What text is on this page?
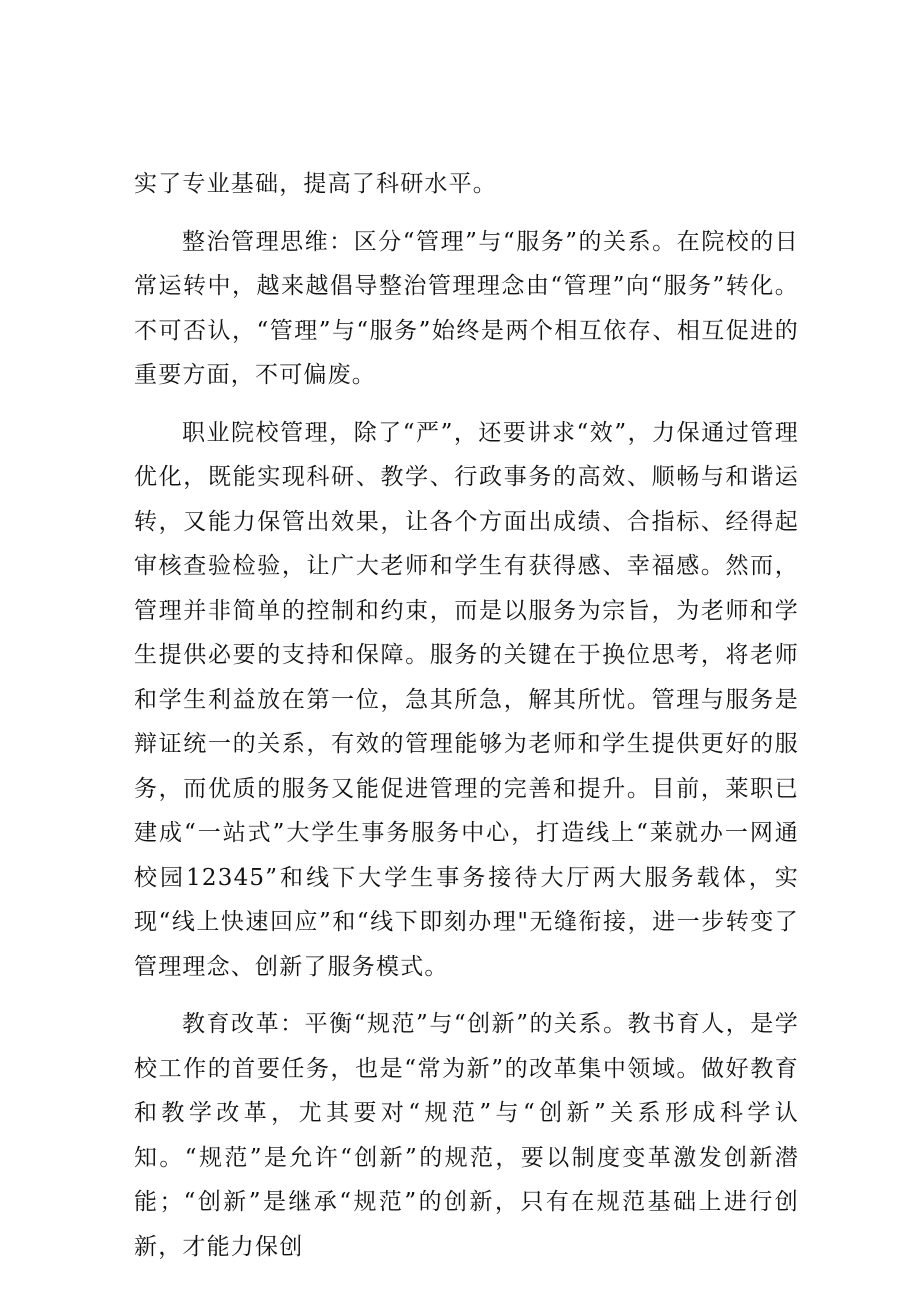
实了专业基础，提高了科研水平。

整治管理思维：区分“管理”与“服务”的关系。在院校的日常运转中，越来越倡导整治管理理念由“管理”向“服务”转化。不可否认，“管理”与“服务”始终是两个相互依存、相互促进的重要方面，不可偏废。

职业院校管理，除了“严”，还要讲求“效”，力保通过管理优化，既能实现科研、教学、行政事务的高效、顺畅与和谐运转，又能力保管出效果，让各个方面出成绩、合指标、经得起审核查验检验，让广大老师和学生有获得感、幸福感。然而，管理并非简单的控制和约束，而是以服务为宗旨，为老师和学生提供必要的支持和保障。服务的关键在于换位思考，将老师和学生利益放在第一位，急其所急，解其所忧。管理与服务是辩证统一的关系，有效的管理能够为老师和学生提供更好的服务，而优质的服务又能促进管理的完善和提升。目前，莱职已建成“一站式”大学生事务服务中心，打造线上“莱就办一网通校园12345”和线下大学生事务接待大厅两大服务载体，实现“线上快速回应”和“线下即刻办理"无缝衔接，进一步转变了管理理念、创新了服务模式。

教育改革：平衡“规范”与“创新”的关系。教书育人，是学校工作的首要任务，也是“常为新”的改革集中领域。做好教育和教学改革，尤其要对“规范”与“创新”关系形成科学认知。“规范”是允许“创新”的规范，要以制度变革激发创新潜能；“创新”是继承“规范”的创新，只有在规范基础上进行创新，才能力保创
